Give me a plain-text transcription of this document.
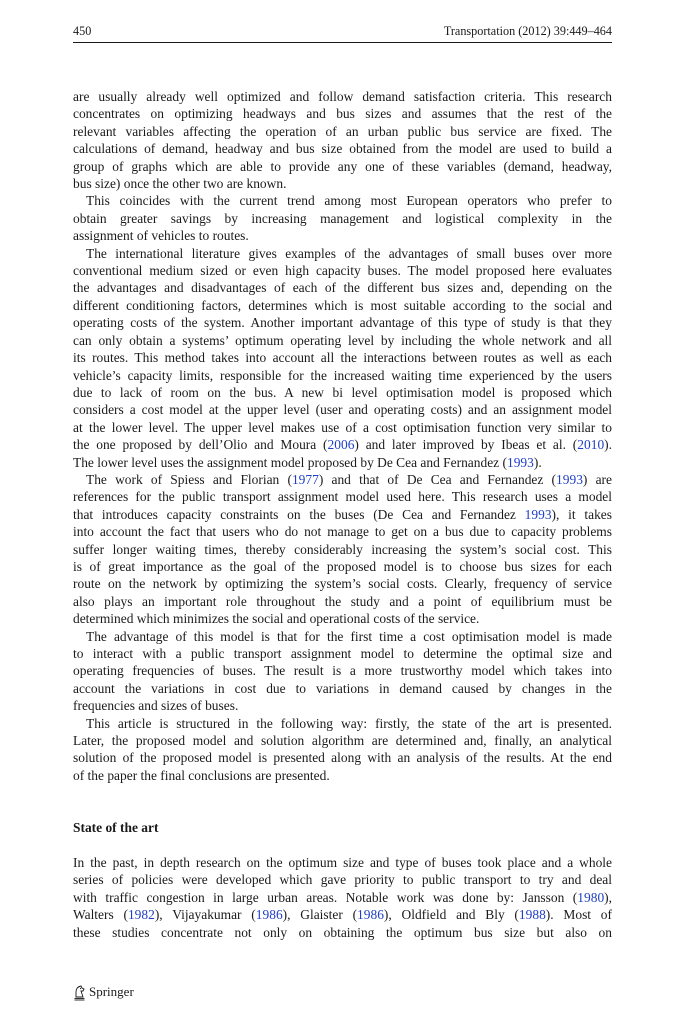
450	Transportation (2012) 39:449–464
are usually already well optimized and follow demand satisfaction criteria. This research
concentrates on optimizing headways and bus sizes and assumes that the rest of the
relevant variables affecting the operation of an urban public bus service are fixed. The
calculations of demand, headway and bus size obtained from the model are used to build a
group of graphs which are able to provide any one of these variables (demand, headway,
bus size) once the other two are known.
This coincides with the current trend among most European operators who prefer to
obtain greater savings by increasing management and logistical complexity in the
assignment of vehicles to routes.
The international literature gives examples of the advantages of small buses over more
conventional medium sized or even high capacity buses. The model proposed here evaluates
the advantages and disadvantages of each of the different bus sizes and, depending on the
different conditioning factors, determines which is most suitable according to the social and
operating costs of the system. Another important advantage of this type of study is that they
can only obtain a systems’ optimum operating level by including the whole network and all
its routes. This method takes into account all the interactions between routes as well as each
vehicle’s capacity limits, responsible for the increased waiting time experienced by the users
due to lack of room on the bus. A new bi level optimisation model is proposed which
considers a cost model at the upper level (user and operating costs) and an assignment model
at the lower level. The upper level makes use of a cost optimisation function very similar to
the one proposed by dell’Olio and Moura (2006) and later improved by Ibeas et al. (2010).
The lower level uses the assignment model proposed by De Cea and Fernandez (1993).
The work of Spiess and Florian (1977) and that of De Cea and Fernandez (1993) are
references for the public transport assignment model used here. This research uses a model
that introduces capacity constraints on the buses (De Cea and Fernandez 1993), it takes
into account the fact that users who do not manage to get on a bus due to capacity problems
suffer longer waiting times, thereby considerably increasing the system’s social cost. This
is of great importance as the goal of the proposed model is to choose bus sizes for each
route on the network by optimizing the system’s social costs. Clearly, frequency of service
also plays an important role throughout the study and a point of equilibrium must be
determined which minimizes the social and operational costs of the service.
The advantage of this model is that for the first time a cost optimisation model is made
to interact with a public transport assignment model to determine the optimal size and
operating frequencies of buses. The result is a more trustworthy model which takes into
account the variations in cost due to variations in demand caused by changes in the
frequencies and sizes of buses.
This article is structured in the following way: firstly, the state of the art is presented.
Later, the proposed model and solution algorithm are determined and, finally, an analytical
solution of the proposed model is presented along with an analysis of the results. At the end
of the paper the final conclusions are presented.
State of the art
In the past, in depth research on the optimum size and type of buses took place and a whole
series of policies were developed which gave priority to public transport to try and deal
with traffic congestion in large urban areas. Notable work was done by: Jansson (1980),
Walters (1982), Vijayakumar (1986), Glaister (1986), Oldfield and Bly (1988). Most of
these studies concentrate not only on obtaining the optimum bus size but also on
Springer
